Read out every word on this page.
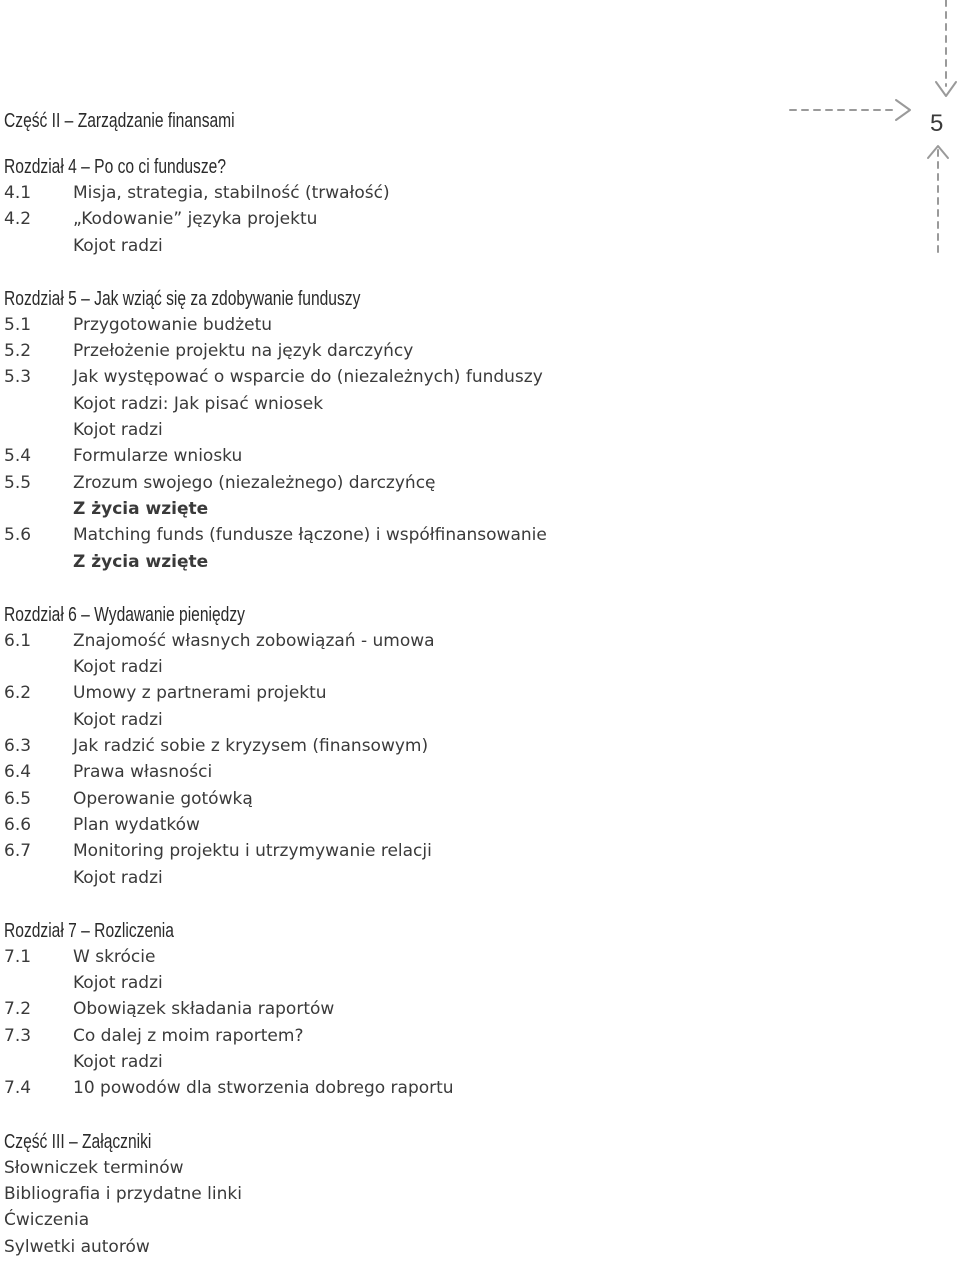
5
Część II – Zarządzanie finansami
Rozdział 4 – Po co ci fundusze?
4.1	Misja, strategia, stabilność (trwałość)
4.2	„Kodowanie” języka projektu
Kojot radzi
Rozdział 5 – Jak wziąć się za zdobywanie funduszy
5.1	Przygotowanie budżetu
5.2	Przełożenie projektu na język darczyńcy
5.3	Jak występować o wsparcie do (niezależnych) funduszy
Kojot radzi: Jak pisać wniosek
Kojot radzi
5.4	Formularze wniosku
5.5	Zrozum swojego (niezależnego) darczyńcę
Z życia wzięte
5.6	Matching funds (fundusze łączone) i współfinansowanie
Z życia wzięte
Rozdział 6 – Wydawanie pieniędzy
6.1	Znajomość własnych zobowiązań - umowa
Kojot radzi
6.2	Umowy z partnerami projektu
Kojot radzi
6.3	Jak radzić sobie z kryzysem (finansowym)
6.4	Prawa własności
6.5	Operowanie gotówką
6.6	Plan wydatków
6.7	Monitoring projektu i utrzymywanie relacji
Kojot radzi
Rozdział 7 – Rozliczenia
7.1	W skrócie
Kojot radzi
7.2	Obowiązek składania raportów
7.3	Co dalej z moim raportem?
Kojot radzi
7.4	10 powodów dla stworzenia dobrego raportu
Część III – Załączniki
Słowniczek terminów
Bibliografia i przydatne linki
Ćwiczenia
Sylwetki autorów
